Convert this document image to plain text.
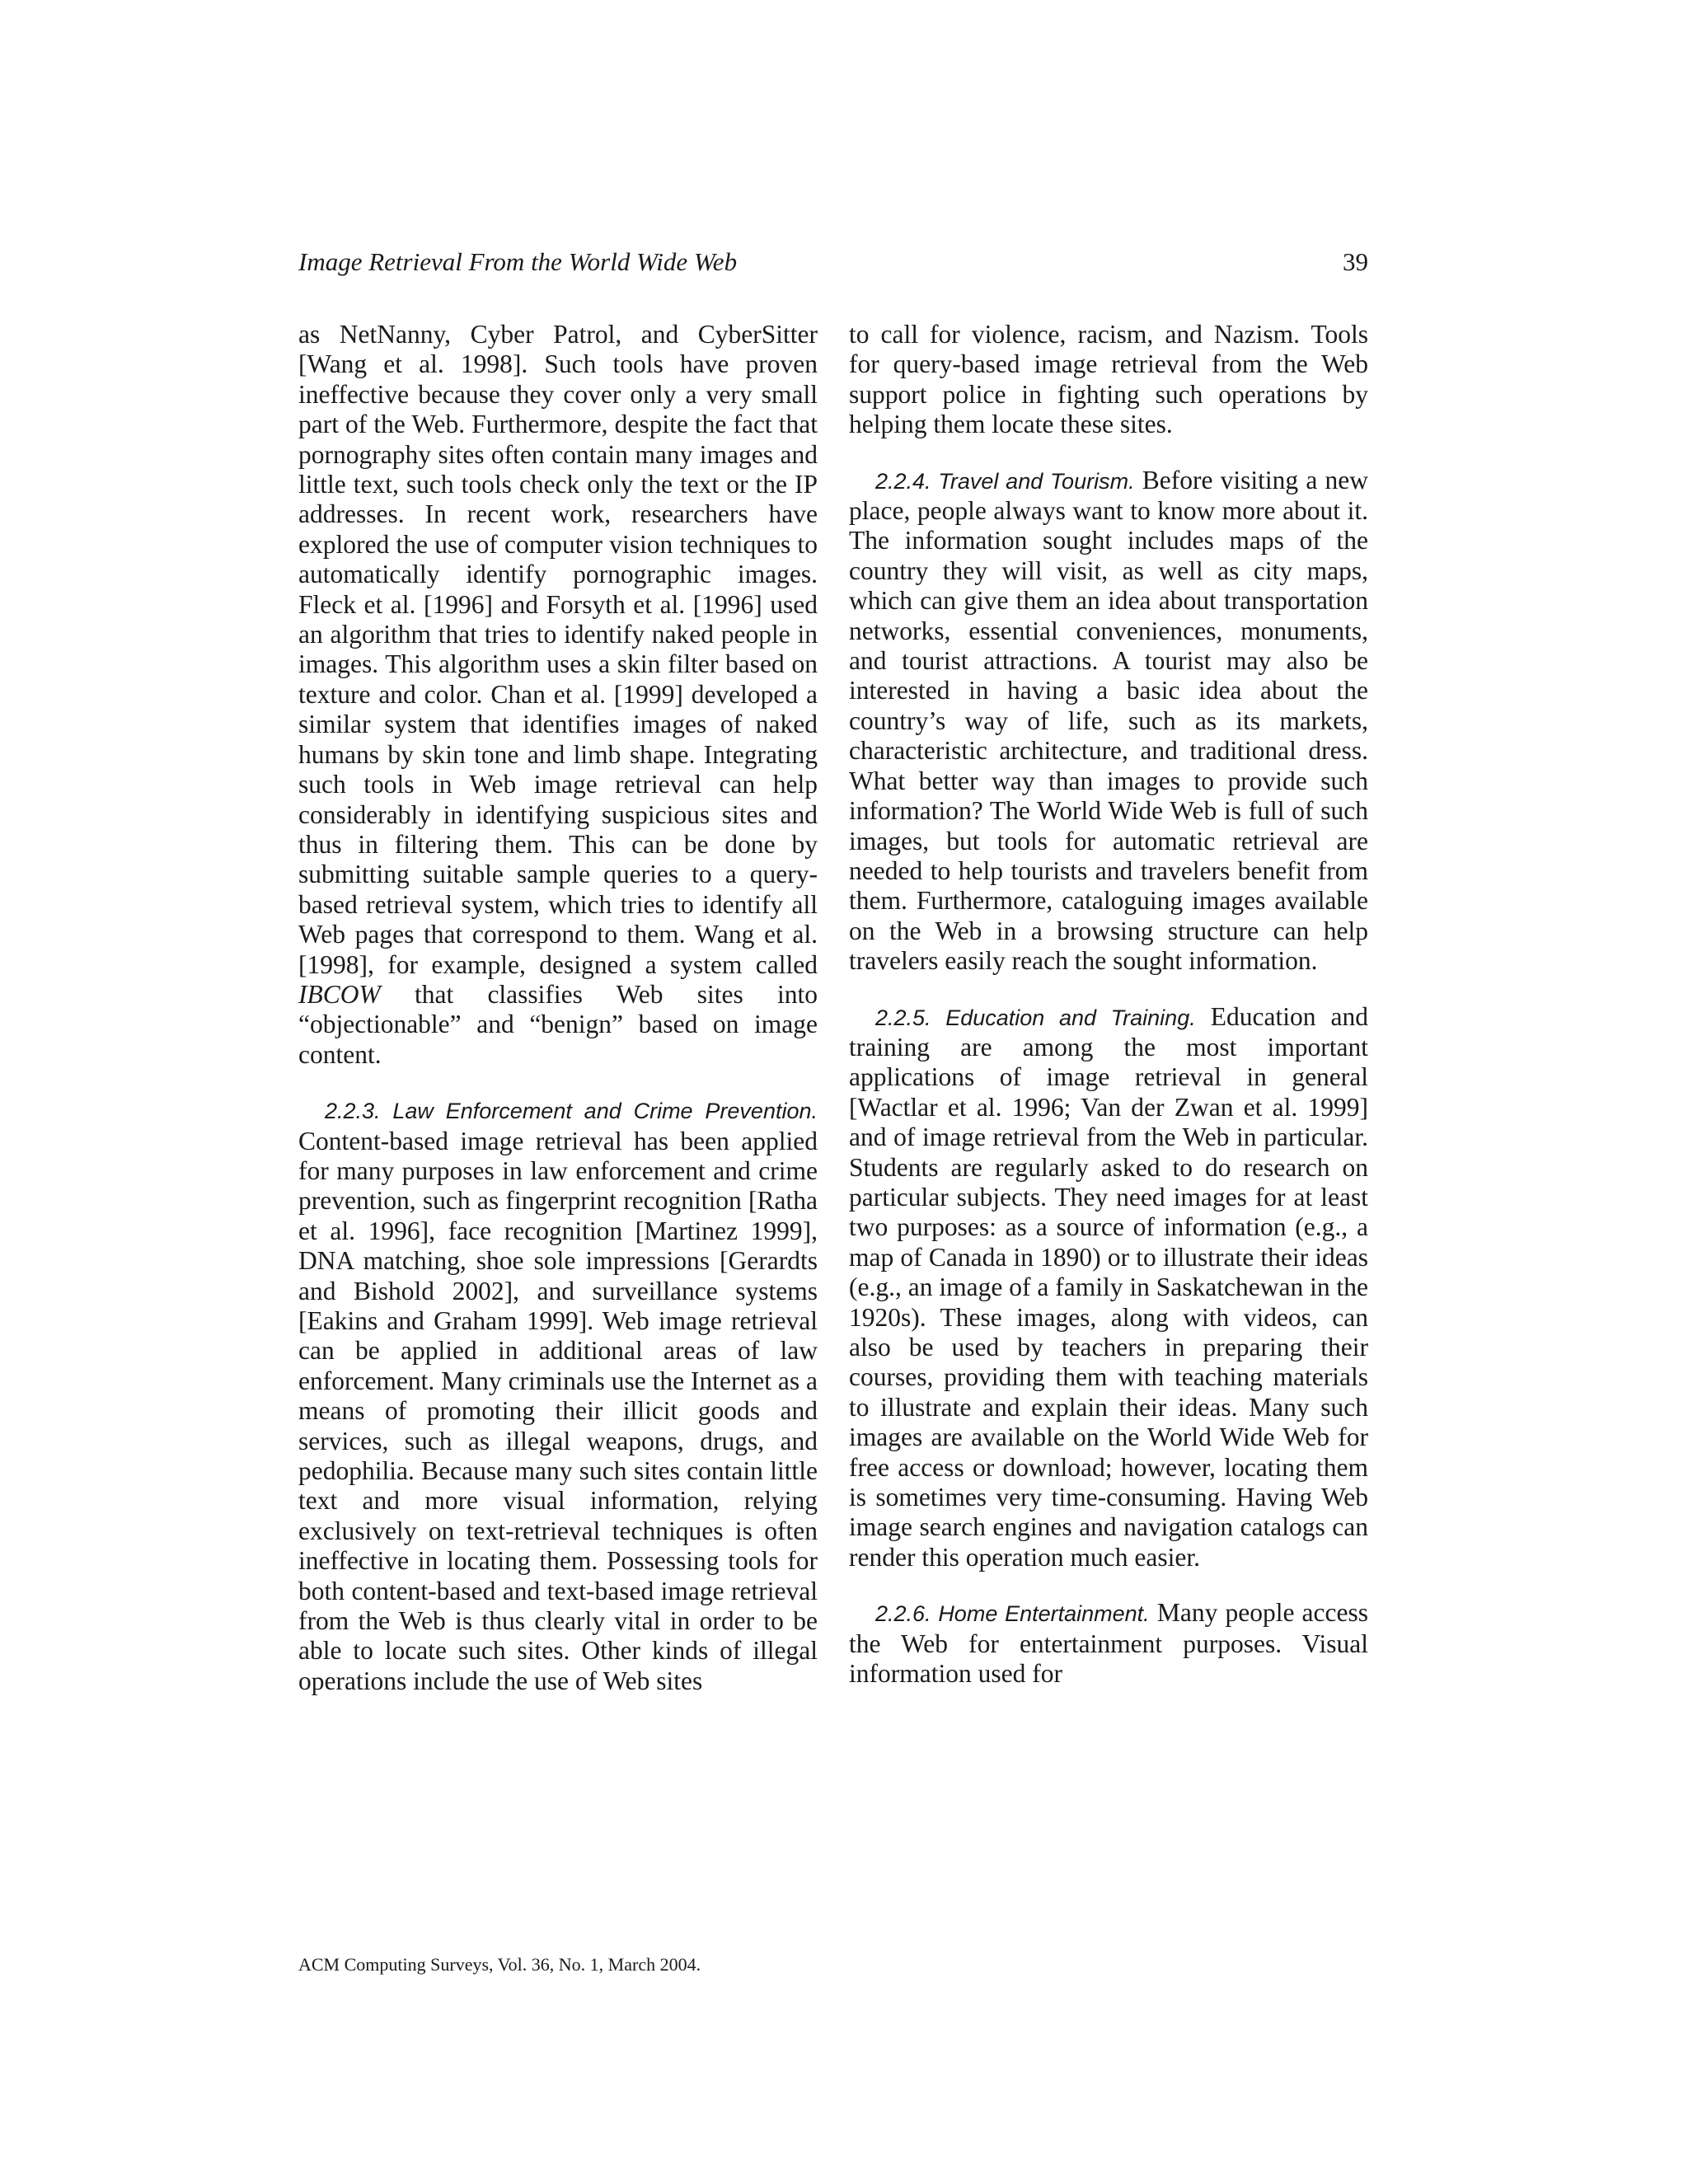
Image Retrieval From the World Wide Web	39

as NetNanny, Cyber Patrol, and CyberSitter [Wang et al. 1998]. Such tools have proven ineffective because they cover only a very small part of the Web. Furthermore, despite the fact that pornography sites often contain many images and little text, such tools check only the text or the IP addresses. In recent work, researchers have explored the use of computer vision techniques to automatically identify pornographic images. Fleck et al. [1996] and Forsyth et al. [1996] used an algorithm that tries to identify naked people in images. This algorithm uses a skin filter based on texture and color. Chan et al. [1999] developed a similar system that identifies images of naked humans by skin tone and limb shape. Integrating such tools in Web image retrieval can help considerably in identifying suspicious sites and thus in filtering them. This can be done by submitting suitable sample queries to a query-based retrieval system, which tries to identify all Web pages that correspond to them. Wang et al. [1998], for example, designed a system called IBCOW that classifies Web sites into “objectionable” and “benign” based on image content.

2.2.3. Law Enforcement and Crime Prevention. Content-based image retrieval has been applied for many purposes in law enforcement and crime prevention, such as fingerprint recognition [Ratha et al. 1996], face recognition [Martinez 1999], DNA matching, shoe sole impressions [Gerardts and Bishold 2002], and surveillance systems [Eakins and Graham 1999]. Web image retrieval can be applied in additional areas of law enforcement. Many criminals use the Internet as a means of promoting their illicit goods and services, such as illegal weapons, drugs, and pedophilia. Because many such sites contain little text and more visual information, relying exclusively on text-retrieval techniques is often ineffective in locating them. Possessing tools for both content-based and text-based image retrieval from the Web is thus clearly vital in order to be able to locate such sites. Other kinds of illegal operations include the use of Web sites

to call for violence, racism, and Nazism. Tools for query-based image retrieval from the Web support police in fighting such operations by helping them locate these sites.

2.2.4. Travel and Tourism. Before visiting a new place, people always want to know more about it. The information sought includes maps of the country they will visit, as well as city maps, which can give them an idea about transportation networks, essential conveniences, monuments, and tourist attractions. A tourist may also be interested in having a basic idea about the country’s way of life, such as its markets, characteristic architecture, and traditional dress. What better way than images to provide such information? The World Wide Web is full of such images, but tools for automatic retrieval are needed to help tourists and travelers benefit from them. Furthermore, cataloguing images available on the Web in a browsing structure can help travelers easily reach the sought information.

2.2.5. Education and Training. Education and training are among the most important applications of image retrieval in general [Wactlar et al. 1996; Van der Zwan et al. 1999] and of image retrieval from the Web in particular. Students are regularly asked to do research on particular subjects. They need images for at least two purposes: as a source of information (e.g., a map of Canada in 1890) or to illustrate their ideas (e.g., an image of a family in Saskatchewan in the 1920s). These images, along with videos, can also be used by teachers in preparing their courses, providing them with teaching materials to illustrate and explain their ideas. Many such images are available on the World Wide Web for free access or download; however, locating them is sometimes very time-consuming. Having Web image search engines and navigation catalogs can render this operation much easier.

2.2.6. Home Entertainment. Many people access the Web for entertainment purposes. Visual information used for

ACM Computing Surveys, Vol. 36, No. 1, March 2004.
